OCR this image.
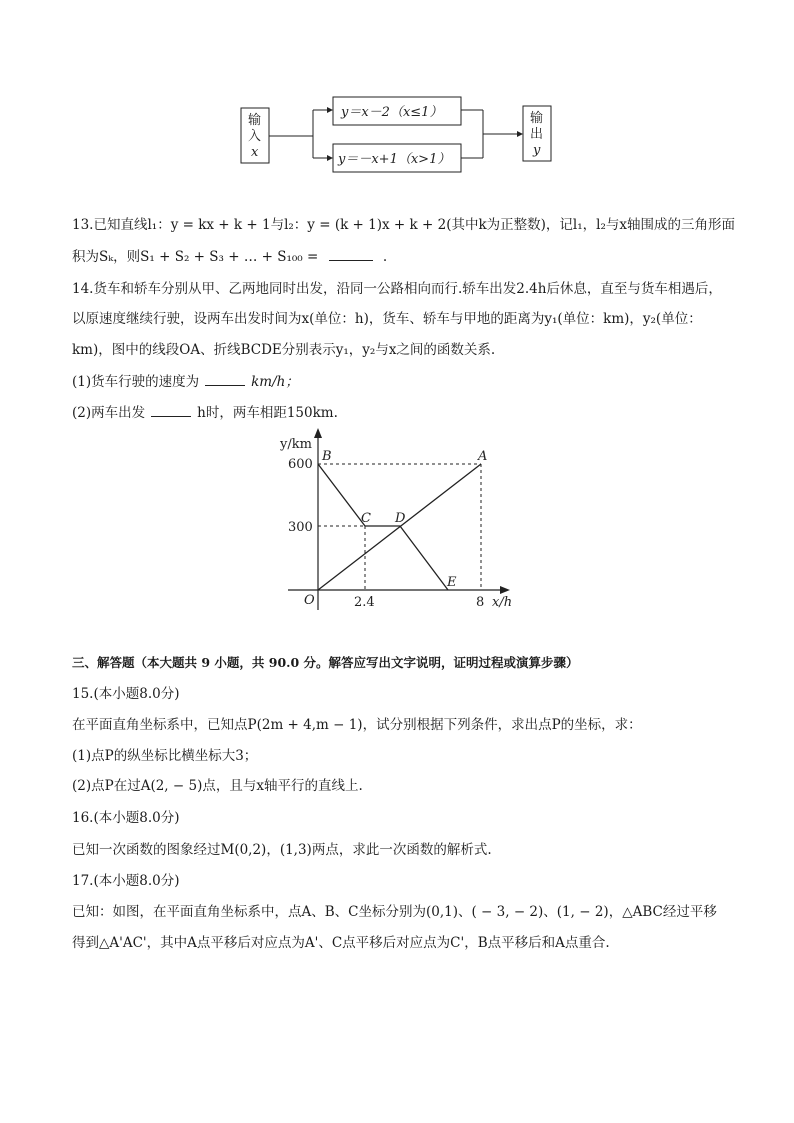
输
入
x
y＝x－2（x≤1）
y＝－x+1（x>1）
输
出
y
13.已知直线l₁：y = kx + k + 1与l₂：y = (k + 1)x + k + 2(其中k为正整数)，记l₁，l₂与x轴围成的三角形面
积为Sₖ，则S₁ + S₂ + S₃ + … + S₁₀₀ =	.
14.货车和轿车分别从甲、乙两地同时出发，沿同一公路相向而行.轿车出发2.4h后休息，直至与货车相遇后，
以原速度继续行驶，设两车出发时间为x(单位：h)，货车、轿车与甲地的距离为y₁(单位：km)，y₂(单位：
km)，图中的线段OA、折线BCDE分别表示y₁，y₂与x之间的函数关系.
(1)货车行驶的速度为	km/h；
(2)两车出发	h时，两车相距150km.
y/km
x/h
O
600
300
2.4	8
A
B
C D
E
三、解答题（本大题共 9 小题，共 90.0 分。解答应写出文字说明，证明过程或演算步骤）
15.(本小题8.0分)
在平面直角坐标系中，已知点P(2m + 4,m − 1)，试分别根据下列条件，求出点P的坐标，求：
(1)点P的纵坐标比横坐标大3；
(2)点P在过A(2, − 5)点，且与x轴平行的直线上.
16.(本小题8.0分)
已知一次函数的图象经过M(0,2)，(1,3)两点，求此一次函数的解析式.
17.(本小题8.0分)
已知：如图，在平面直角坐标系中，点A、B、C坐标分别为(0,1)、( − 3, − 2)、(1, − 2)，△ABC经过平移
得到△A'AC'，其中A点平移后对应点为A'、C点平移后对应点为C'，B点平移后和A点重合.
